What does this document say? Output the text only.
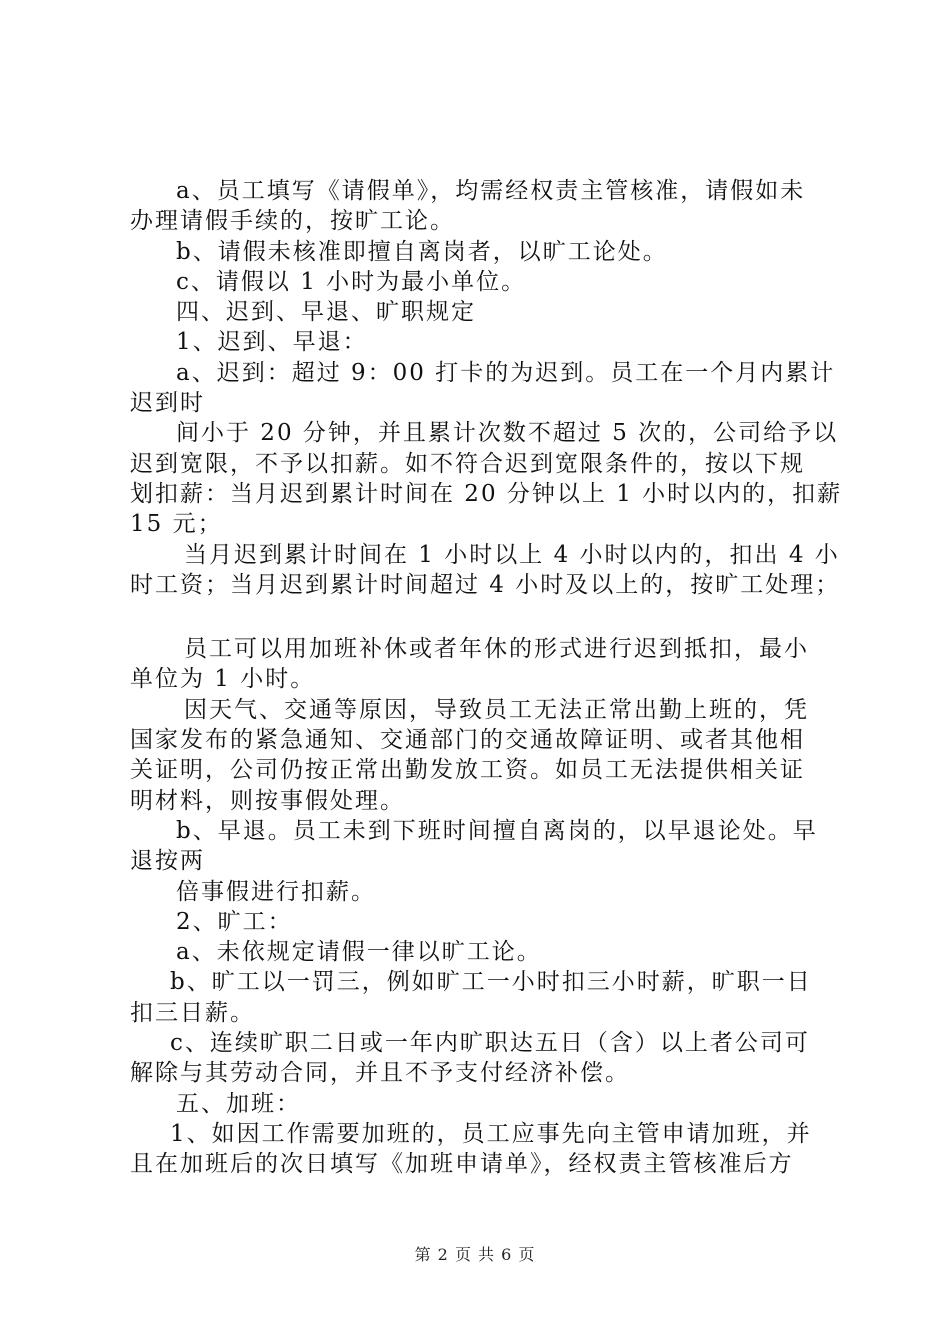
a、员工填写《请假单》，均需经权责主管核准，请假如未
办理请假手续的，按旷工论。
b、请假未核准即擅自离岗者，以旷工论处。
c、请假以 1 小时为最小单位。
四、迟到、早退、旷职规定
1、迟到、早退：
a、迟到：超过 9：00 打卡的为迟到。员工在一个月内累计
迟到时
间小于 20 分钟，并且累计次数不超过 5 次的，公司给予以
迟到宽限，不予以扣薪。如不符合迟到宽限条件的，按以下规
划扣薪：当月迟到累计时间在 20 分钟以上 1 小时以内的，扣薪
15 元；
当月迟到累计时间在 1 小时以上 4 小时以内的，扣出 4 小
时工资；当月迟到累计时间超过 4 小时及以上的，按旷工处理；
员工可以用加班补休或者年休的形式进行迟到抵扣，最小
单位为 1 小时。
因天气、交通等原因，导致员工无法正常出勤上班的，凭
国家发布的紧急通知、交通部门的交通故障证明、或者其他相
关证明，公司仍按正常出勤发放工资。如员工无法提供相关证
明材料，则按事假处理。
b、早退。员工未到下班时间擅自离岗的，以早退论处。早
退按两
倍事假进行扣薪。
2、旷工：
a、未依规定请假一律以旷工论。
b、旷工以一罚三，例如旷工一小时扣三小时薪，旷职一日
扣三日薪。
c、连续旷职二日或一年内旷职达五日（含）以上者公司可
解除与其劳动合同，并且不予支付经济补偿。
五、加班：
1、如因工作需要加班的，员工应事先向主管申请加班，并
且在加班后的次日填写《加班申请单》，经权责主管核准后方
第 2 页 共 6 页
